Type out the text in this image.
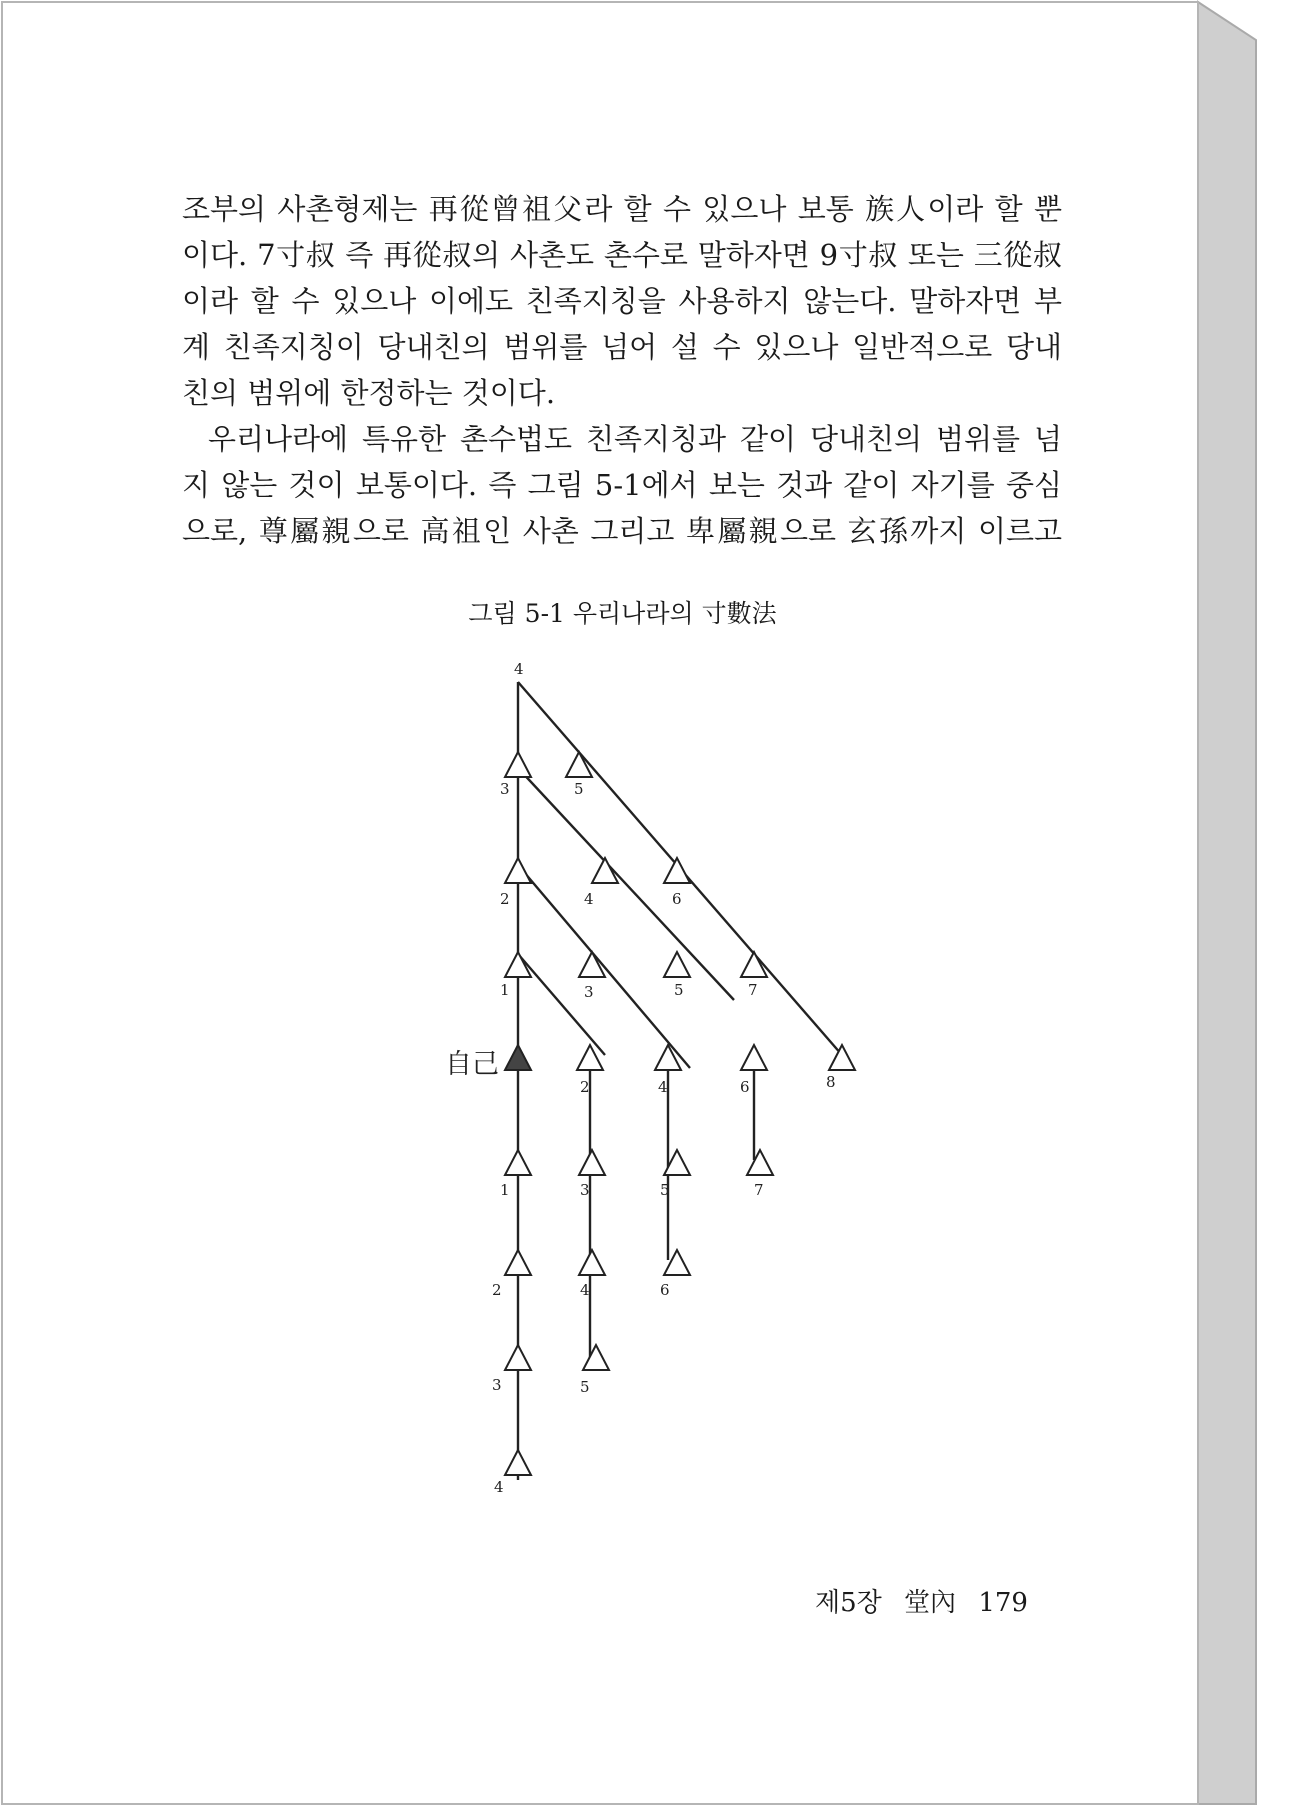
조부의 사촌형제는 再從曾祖父라 할 수 있으나 보통 族人이라 할 뿐
이다. 7寸叔 즉 再從叔의 사촌도 촌수로 말하자면 9寸叔 또는 三從叔
이라 할 수 있으나 이에도 친족지칭을 사용하지 않는다. 말하자면 부
계 친족지칭이 당내친의 범위를 넘어 설 수 있으나 일반적으로 당내
친의 범위에 한정하는 것이다.
우리나라에 특유한 촌수법도 친족지칭과 같이 당내친의 범위를 넘
지 않는 것이 보통이다. 즉 그림 5-1에서 보는 것과 같이 자기를 중심
으로, 尊屬親으로 高祖인 사촌 그리고 卑屬親으로 玄孫까지 이르고
그림 5-1 우리나라의 寸數法
4
3	5
2	4	6
1	3	5	7
2	4	6	8
1	3	5	7
2	4	6
3	5
4
自己
제5장 堂內 179
